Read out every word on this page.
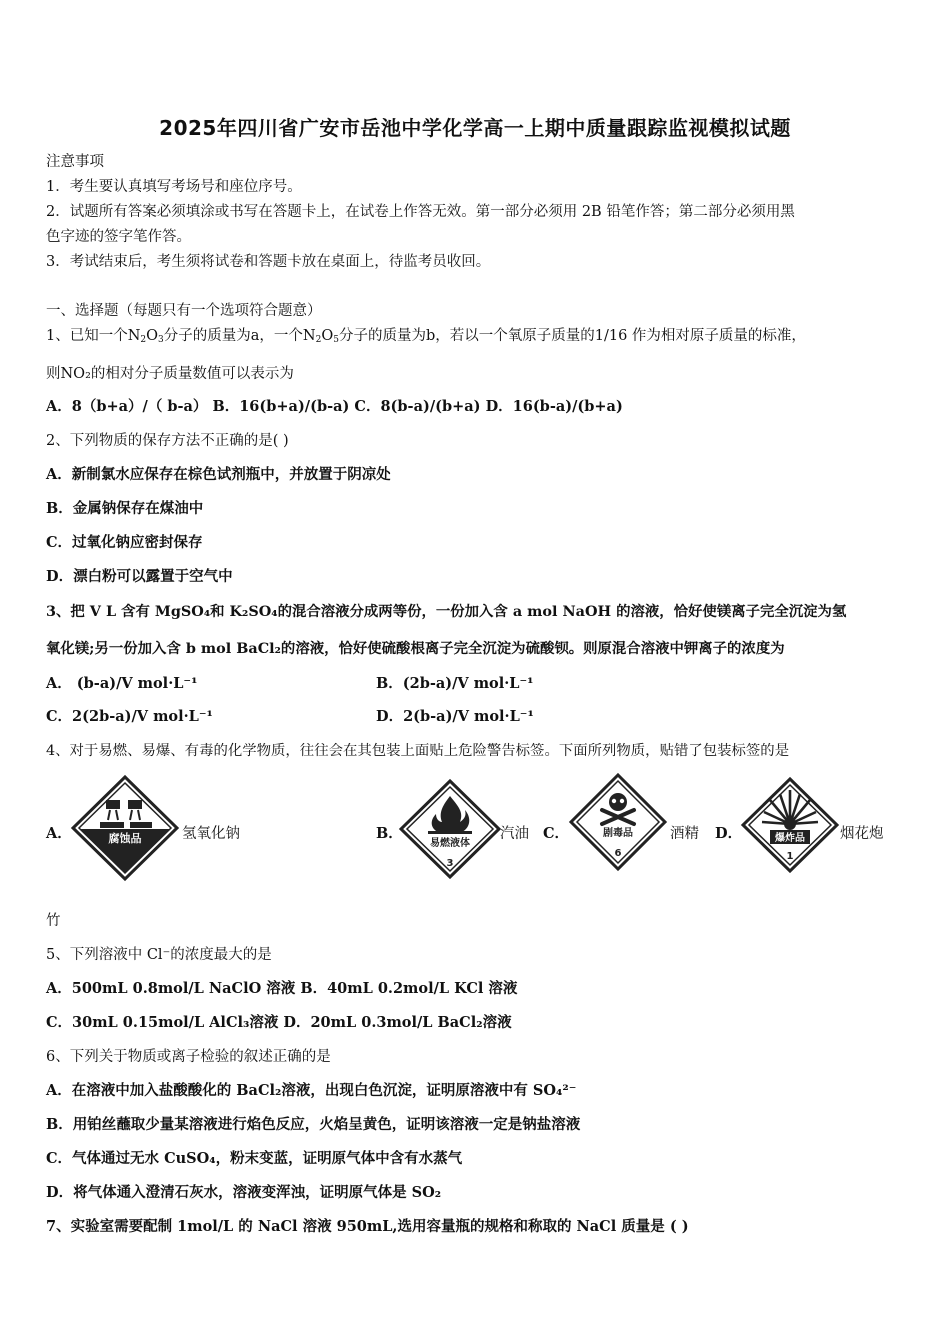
2025年四川省广安市岳池中学化学高一上期中质量跟踪监视模拟试题
注意事项
1．考生要认真填写考场号和座位序号。
2．试题所有答案必须填涂或书写在答题卡上，在试卷上作答无效。第一部分必须用 2B 铅笔作答；第二部分必须用黑
色字迹的签字笔作答。
3．考试结束后，考生须将试卷和答题卡放在桌面上，待监考员收回。
一、选择题（每题只有一个选项符合题意）
1、已知一个$N_2O_3$分子的质量为a，一个$N_2O_5$分子的质量为b，若以一个氧原子质量的1/16 作为相对原子质量的标准，
则NO₂的相对分子质量数值可以表示为
A．8（b+a）/（ b-a） B．16(b+a)/(b-a) C．8(b-a)/(b+a) D．16(b-a)/(b+a)
2、下列物质的保存方法不正确的是( )
A．新制氯水应保存在棕色试剂瓶中，并放置于阴凉处
B．金属钠保存在煤油中
C．过氧化钠应密封保存
D．漂白粉可以露置于空气中
3、把 V L 含有 MgSO₄和 K₂SO₄的混合溶液分成两等份，一份加入含 a mol NaOH 的溶液，恰好使镁离子完全沉淀为氢
氧化镁;另一份加入含 b mol BaCl₂的溶液，恰好使硫酸根离子完全沉淀为硫酸钡。则原混合溶液中钾离子的浓度为
A． (b-a)/V mol·L⁻¹	B．(2b-a)/V mol·L⁻¹
C．2(2b-a)/V mol·L⁻¹	D．2(b-a)/V mol·L⁻¹
4、对于易燃、易爆、有毒的化学物质，往往会在其包装上面贴上危险警告标签。下面所列物质，贴错了包装标签的是
A．	腐蚀品	氢氧化钠	B．
易燃液体
3
汽油 C．	剧毒品
6
酒精 D．	爆炸品
1
烟花炮
竹
5、下列溶液中 Cl⁻的浓度最大的是
A．500mL 0.8mol/L NaClO 溶液 B．40mL 0.2mol/L KCl 溶液
C．30mL 0.15mol/L AlCl₃溶液 D．20mL 0.3mol/L BaCl₂溶液
6、下列关于物质或离子检验的叙述正确的是
A．在溶液中加入盐酸酸化的 BaCl₂溶液，出现白色沉淀，证明原溶液中有 SO₄²⁻
B．用铂丝蘸取少量某溶液进行焰色反应，火焰呈黄色，证明该溶液一定是钠盐溶液
C．气体通过无水 CuSO₄，粉末变蓝，证明原气体中含有水蒸气
D．将气体通入澄清石灰水，溶液变浑浊，证明原气体是 SO₂
7、实验室需要配制 1mol/L 的 NaCl 溶液 950mL,选用容量瓶的规格和称取的 NaCl 质量是 ( )
